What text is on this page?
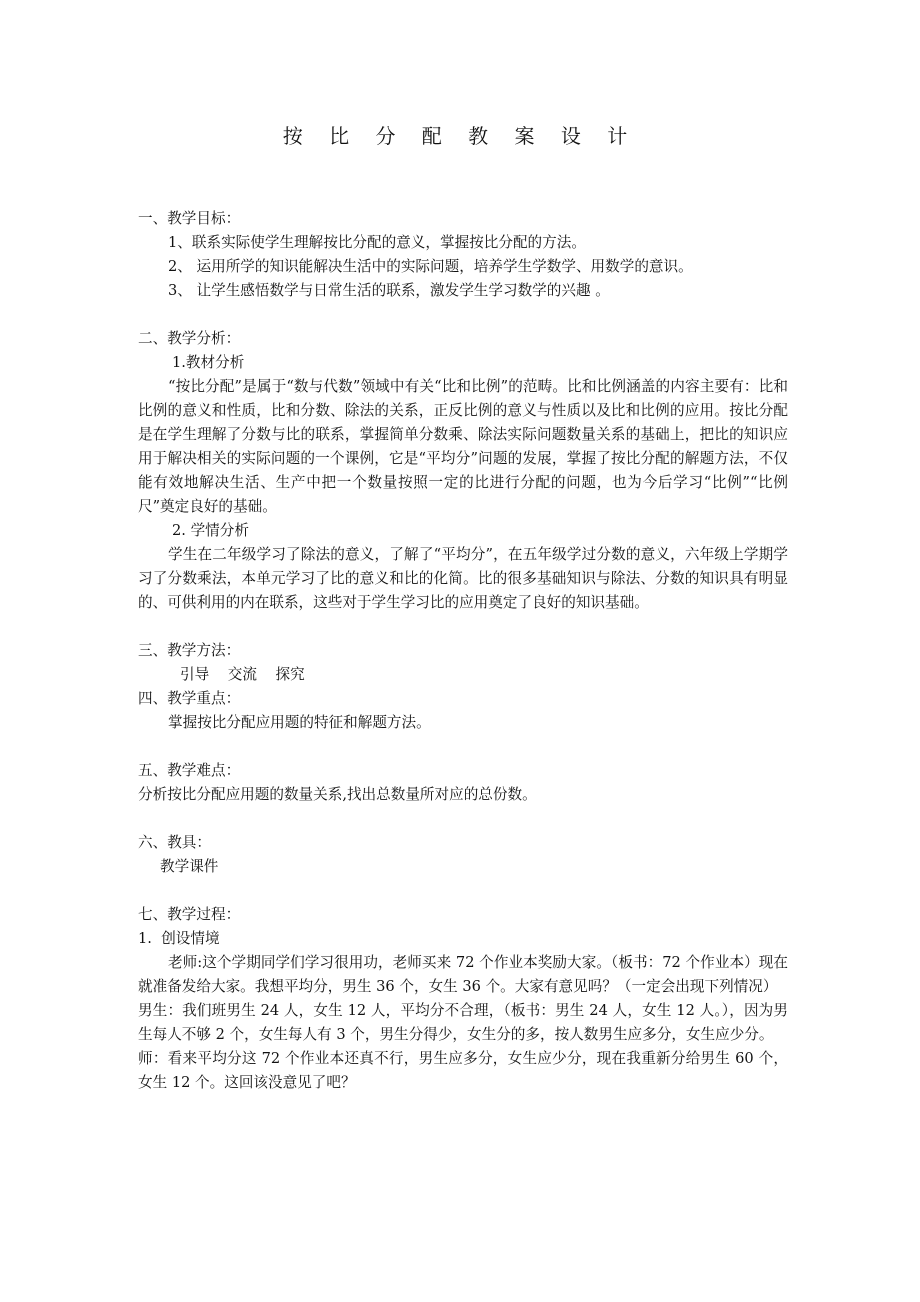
按 比 分 配 教 案 设 计
一、教学目标：
1、联系实际使学生理解按比分配的意义，掌握按比分配的方法。
2、 运用所学的知识能解决生活中的实际问题，培养学生学数学、用数学的意识。
3、 让学生感悟数学与日常生活的联系，激发学生学习数学的兴趣 。
二、教学分析：
1.教材分析
“按比分配”是属于“数与代数”领域中有关“比和比例”的范畴。比和比例涵盖的内容主要有：比和比例的意义和性质，比和分数、除法的关系，正反比例的意义与性质以及比和比例的应用。按比分配是在学生理解了分数与比的联系，掌握简单分数乘、除法实际问题数量关系的基础上，把比的知识应用于解决相关的实际问题的一个课例，它是“平均分”问题的发展，掌握了按比分配的解题方法，不仅能有效地解决生活、生产中把一个数量按照一定的比进行分配的问题，也为今后学习“比例”“比例尺”奠定良好的基础。
2. 学情分析
学生在二年级学习了除法的意义，了解了“平均分”，在五年级学过分数的意义，六年级上学期学习了分数乘法，本单元学习了比的意义和比的化简。比的很多基础知识与除法、分数的知识具有明显的、可供利用的内在联系，这些对于学生学习比的应用奠定了良好的知识基础。
三、教学方法：
引导    交流    探究
四、教学重点：
掌握按比分配应用题的特征和解题方法。
五、教学难点：
分析按比分配应用题的数量关系,找出总数量所对应的总份数。
六、教具：
教学课件
七、教学过程：
1.  创设情境
老师:这个学期同学们学习很用功，老师买来 72 个作业本奖励大家。（板书：72 个作业本）现在就准备发给大家。我想平均分，男生 36 个，女生 36 个。大家有意见吗？（一定会出现下列情况）
男生：我们班男生 24 人，女生 12 人，平均分不合理，（板书：男生 24 人，女生 12 人。），因为男生每人不够 2 个，女生每人有 3 个，男生分得少，女生分的多，按人数男生应多分，女生应少分。
师：看来平均分这 72 个作业本还真不行，男生应多分，女生应少分，现在我重新分给男生 60 个，女生 12 个。这回该没意见了吧？
